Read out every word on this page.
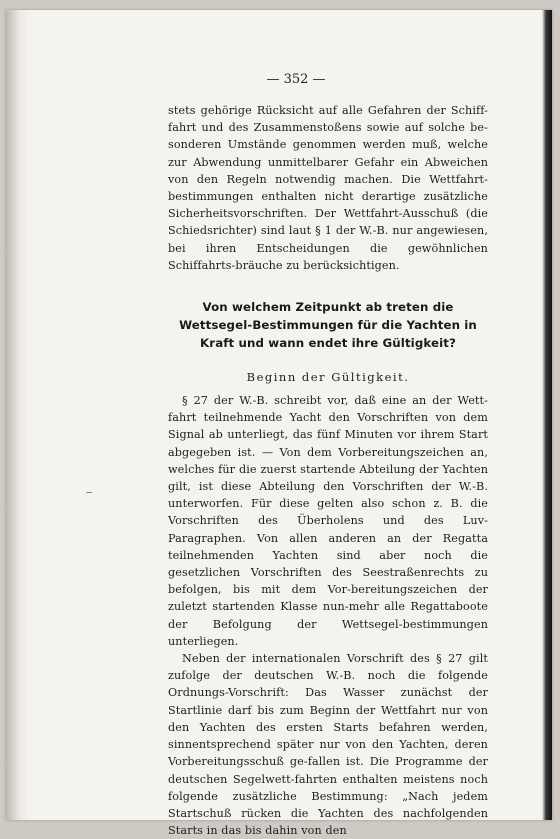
— 352 —

stets gehörige Rücksicht auf alle Gefahren der Schiff-fahrt und des Zusammenstoßens sowie auf solche be-sonderen Umstände genommen werden muß, welche zur Abwendung unmittelbarer Gefahr ein Abweichen von den Regeln notwendig machen. Die Wettfahrt-bestimmungen enthalten nicht derartige zusätzliche Sicherheitsvorschriften. Der Wettfahrt-Ausschuß (die Schiedsrichter) sind laut § 1 der W.-B. nur angewiesen, bei ihren Entscheidungen die gewöhnlichen Schiffahrts-bräuche zu berücksichtigen.

Von welchem Zeitpunkt ab treten die Wettsegel-Bestimmungen für die Yachten in Kraft und wann endet ihre Gültigkeit?

Beginn der Gültigkeit.

§ 27 der W.-B. schreibt vor, daß eine an der Wett-fahrt teilnehmende Yacht den Vorschriften von dem Signal ab unterliegt, das fünf Minuten vor ihrem Start abgegeben ist. — Von dem Vorbereitungszeichen an, welches für die zuerst startende Abteilung der Yachten gilt, ist diese Abteilung den Vorschriften der W.-B. unterworfen. Für diese gelten also schon z. B. die Vorschriften des Überholens und des Luv-Paragraphen. Von allen anderen an der Regatta teilnehmenden Yachten sind aber noch die gesetzlichen Vorschriften des Seestraßenrechts zu befolgen, bis mit dem Vor-bereitungszeichen der zuletzt startenden Klasse nun-mehr alle Regattaboote der Befolgung der Wettsegel-bestimmungen unterliegen.

Neben der internationalen Vorschrift des § 27 gilt zufolge der deutschen W.-B. noch die folgende Ordnungs-Vorschrift: Das Wasser zunächst der Startlinie darf bis zum Beginn der Wettfahrt nur von den Yachten des ersten Starts befahren werden, sinnentsprechend später nur von den Yachten, deren Vorbereitungsschuß ge-fallen ist. Die Programme der deutschen Segelwett-fahrten enthalten meistens noch folgende zusätzliche Bestimmung: „Nach jedem Startschuß rücken die Yachten des nachfolgenden Starts in das bis dahin von den
